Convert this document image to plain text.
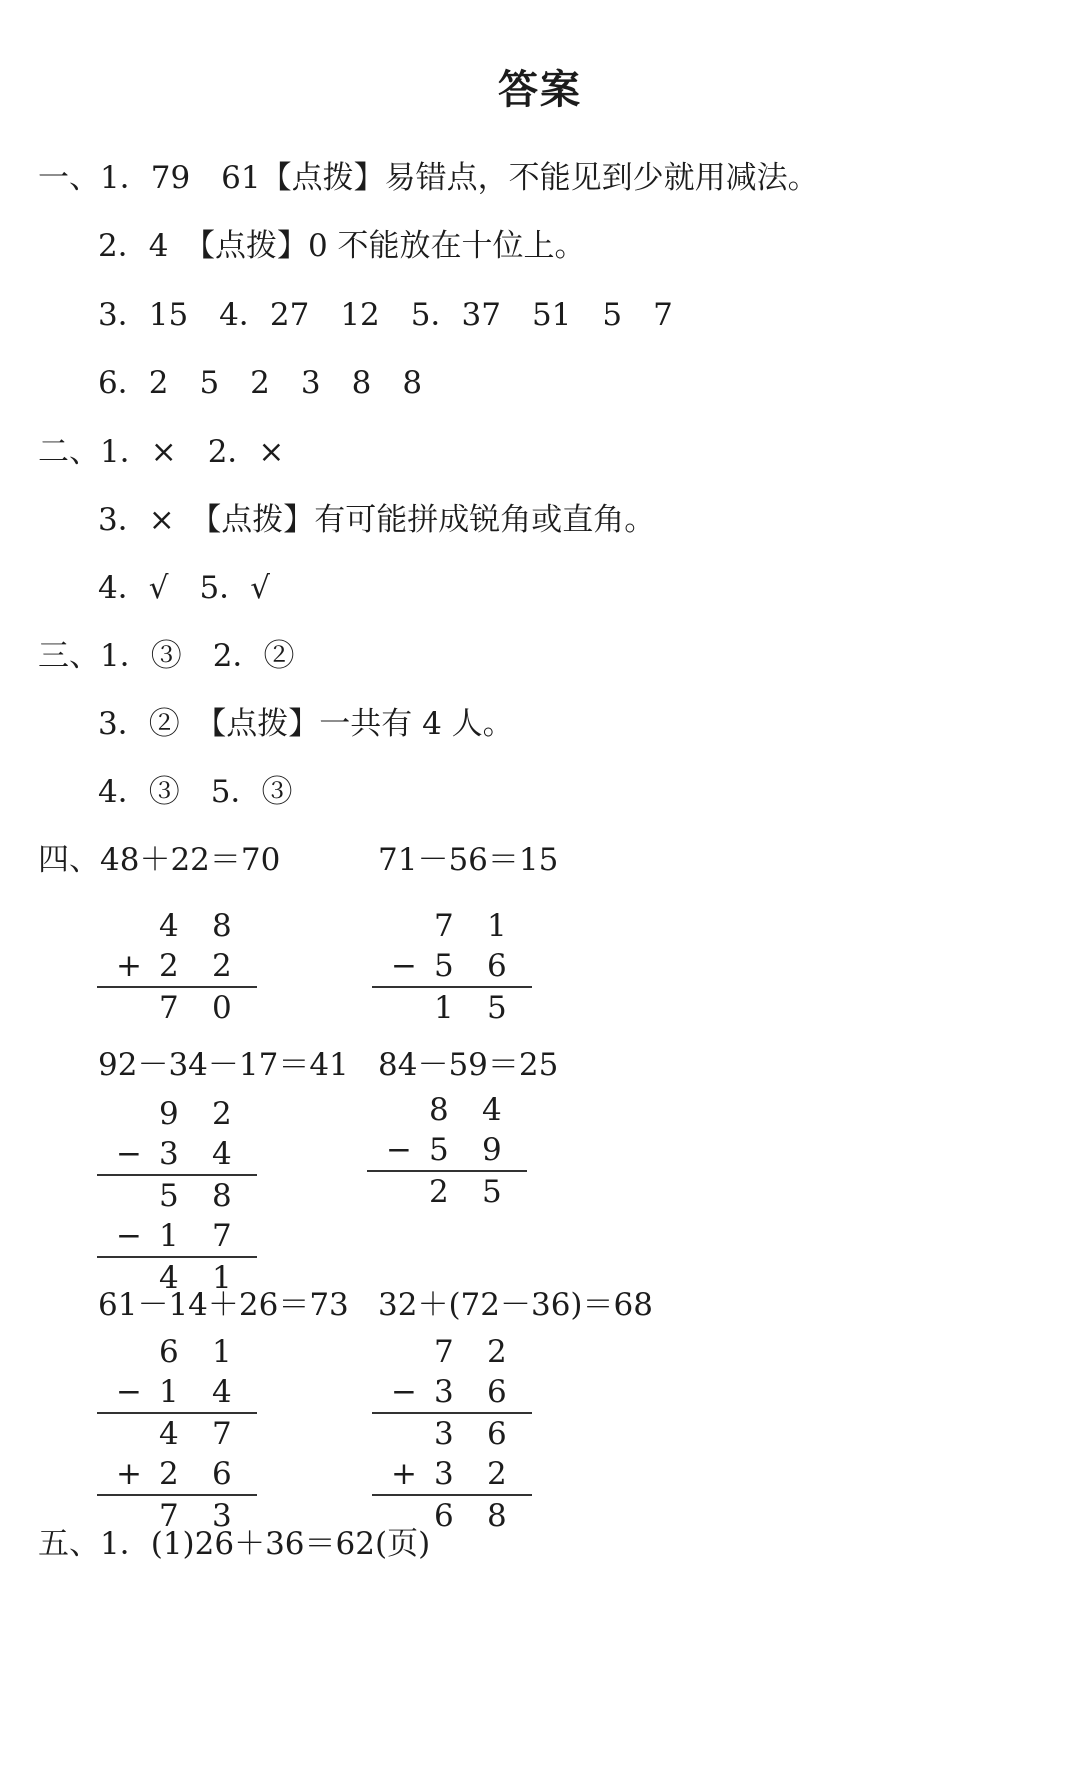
答案
一、1．79　61【点拨】易错点，不能见到少就用减法。
2．4　【点拨】0 不能放在十位上。
3．15　4．27　12　5．37　51　5　7
6．2　5　2　3　8　8
二、1．×　2．×
3．×　【点拨】有可能拼成锐角或直角。
4．√　5．√
三、1．③　2．②
3．②　【点拨】一共有 4 人。
4．③　5．③
四、48＋22＝70	71－56＝15
4 8
+ 2 2
7 0
7 1
− 5 6
1 5
92－34－17＝41 84－59＝25
9 2
− 3 4
5 8
− 1 7
4 1
8 4
− 5 9
2 5
61－14＋26＝73 32＋(72－36)＝68
6 1
− 1 4
4 7
+ 2 6
7 3
7 2
− 3 6
3 6
+ 3 2
6 8
五、1．(1)26＋36＝62(页)
